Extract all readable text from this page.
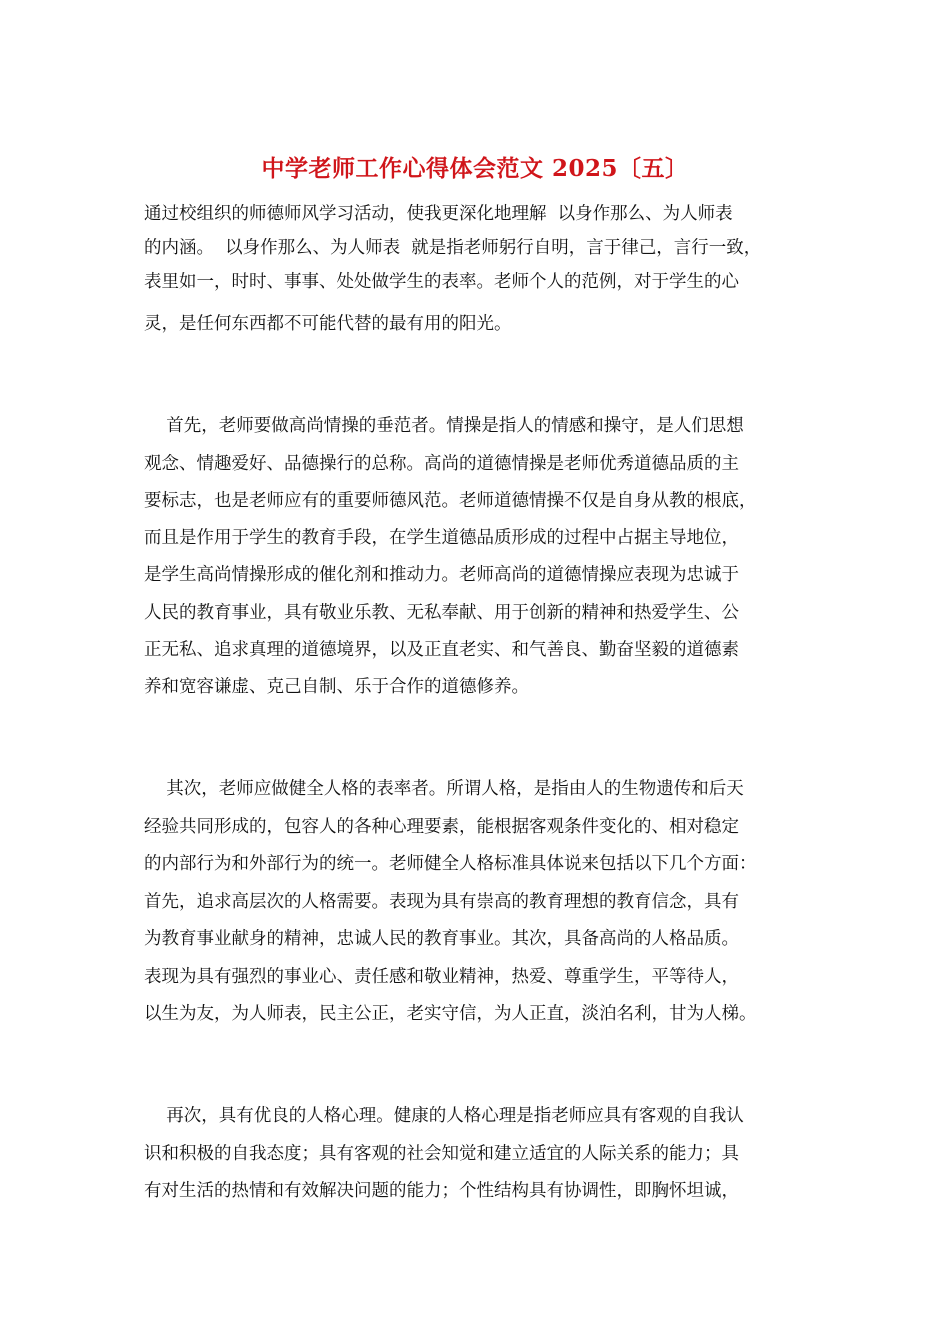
中学老师工作心得体会范文 2025〔五〕
通过校组织的师德师风学习活动，使我更深化地理解  以身作那么、为人师表
的内涵。  以身作那么、为人师表  就是指老师躬行自明，言于律己，言行一致，
表里如一，时时、事事、处处做学生的表率。老师个人的范例，对于学生的心
灵，是任何东西都不可能代替的最有用的阳光。
首先，老师要做高尚情操的垂范者。情操是指人的情感和操守，是人们思想
观念、情趣爱好、品德操行的总称。高尚的道德情操是老师优秀道德品质的主
要标志，也是老师应有的重要师德风范。老师道德情操不仅是自身从教的根底，
而且是作用于学生的教育手段，在学生道德品质形成的过程中占据主导地位，
是学生高尚情操形成的催化剂和推动力。老师高尚的道德情操应表现为忠诚于
人民的教育事业，具有敬业乐教、无私奉献、用于创新的精神和热爱学生、公
正无私、追求真理的道德境界，以及正直老实、和气善良、勤奋坚毅的道德素
养和宽容谦虚、克己自制、乐于合作的道德修养。
其次，老师应做健全人格的表率者。所谓人格，是指由人的生物遗传和后天
经验共同形成的，包容人的各种心理要素，能根据客观条件变化的、相对稳定
的内部行为和外部行为的统一。老师健全人格标准具体说来包括以下几个方面：
首先，追求高层次的人格需要。表现为具有崇高的教育理想的教育信念，具有
为教育事业献身的精神，忠诚人民的教育事业。其次，具备高尚的人格品质。
表现为具有强烈的事业心、责任感和敬业精神，热爱、尊重学生，平等待人，
以生为友，为人师表，民主公正，老实守信，为人正直，淡泊名利，甘为人梯。
再次，具有优良的人格心理。健康的人格心理是指老师应具有客观的自我认
识和积极的自我态度；具有客观的社会知觉和建立适宜的人际关系的能力；具
有对生活的热情和有效解决问题的能力；个性结构具有协调性，即胸怀坦诚，
